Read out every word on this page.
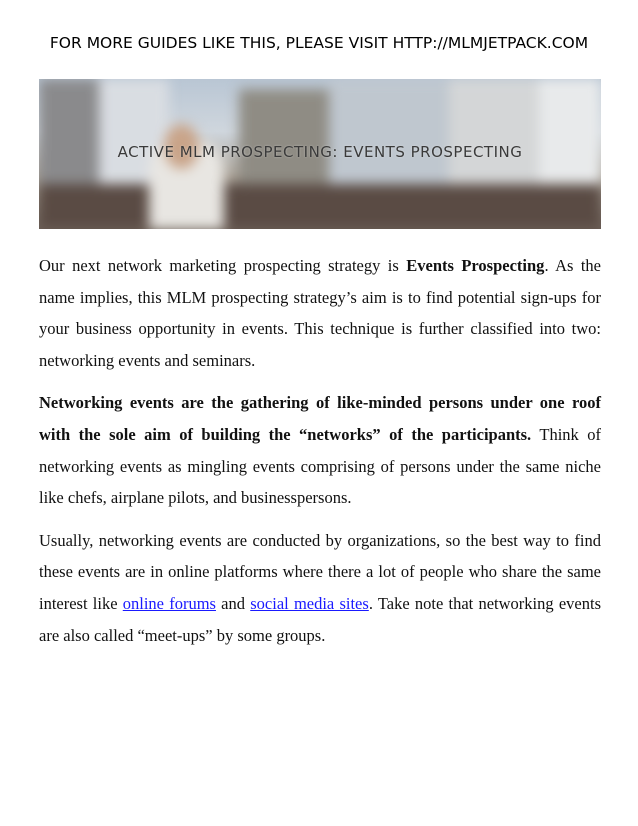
FOR MORE GUIDES LIKE THIS, PLEASE VISIT HTTP://MLMJETPACK.COM
ACTIVE MLM PROSPECTING: EVENTS PROSPECTING

Our next network marketing prospecting strategy is Events Prospecting. As the name implies, this MLM prospecting strategy’s aim is to find potential sign-ups for your business opportunity in events. This technique is further classified into two: networking events and seminars.

Networking events are the gathering of like-minded persons under one roof with the sole aim of building the “networks” of the participants. Think of networking events as mingling events comprising of persons under the same niche like chefs, airplane pilots, and businesspersons.

Usually, networking events are conducted by organizations, so the best way to find these events are in online platforms where there a lot of people who share the same interest like online forums and social media sites. Take note that networking events are also called “meet-ups” by some groups.
